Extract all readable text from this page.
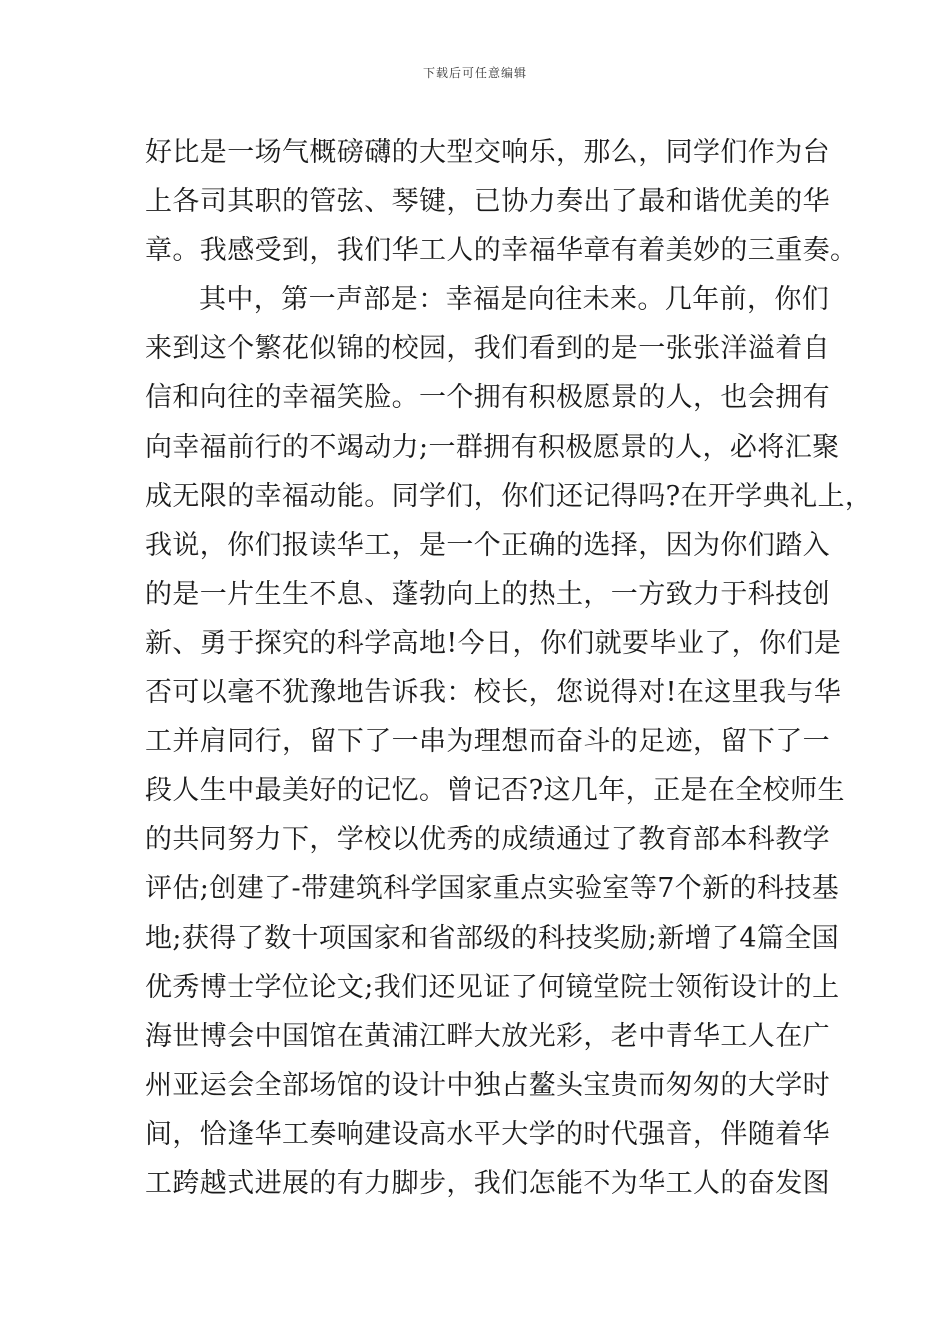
下载后可任意编辑
好比是一场气概磅礴的大型交响乐，那么，同学们作为台
上各司其职的管弦、琴键，已协力奏出了最和谐优美的华
章。我感受到，我们华工人的幸福华章有着美妙的三重奏。
其中，第一声部是：幸福是向往未来。几年前，你们
来到这个繁花似锦的校园，我们看到的是一张张洋溢着自
信和向往的幸福笑脸。一个拥有积极愿景的人，也会拥有
向幸福前行的不竭动力;一群拥有积极愿景的人，必将汇聚
成无限的幸福动能。同学们，你们还记得吗?在开学典礼上，
我说，你们报读华工，是一个正确的选择，因为你们踏入
的是一片生生不息、蓬勃向上的热土，一方致力于科技创
新、勇于探究的科学高地!今日，你们就要毕业了，你们是
否可以毫不犹豫地告诉我：校长，您说得对!在这里我与华
工并肩同行，留下了一串为理想而奋斗的足迹，留下了一
段人生中最美好的记忆。曾记否?这几年，正是在全校师生
的共同努力下，学校以优秀的成绩通过了教育部本科教学
评估;创建了-带建筑科学国家重点实验室等7个新的科技基
地;获得了数十项国家和省部级的科技奖励;新增了4篇全国
优秀博士学位论文;我们还见证了何镜堂院士领衔设计的上
海世博会中国馆在黄浦江畔大放光彩，老中青华工人在广
州亚运会全部场馆的设计中独占鳌头宝贵而匆匆的大学时
间，恰逢华工奏响建设高水平大学的时代强音，伴随着华
工跨越式进展的有力脚步，我们怎能不为华工人的奋发图
